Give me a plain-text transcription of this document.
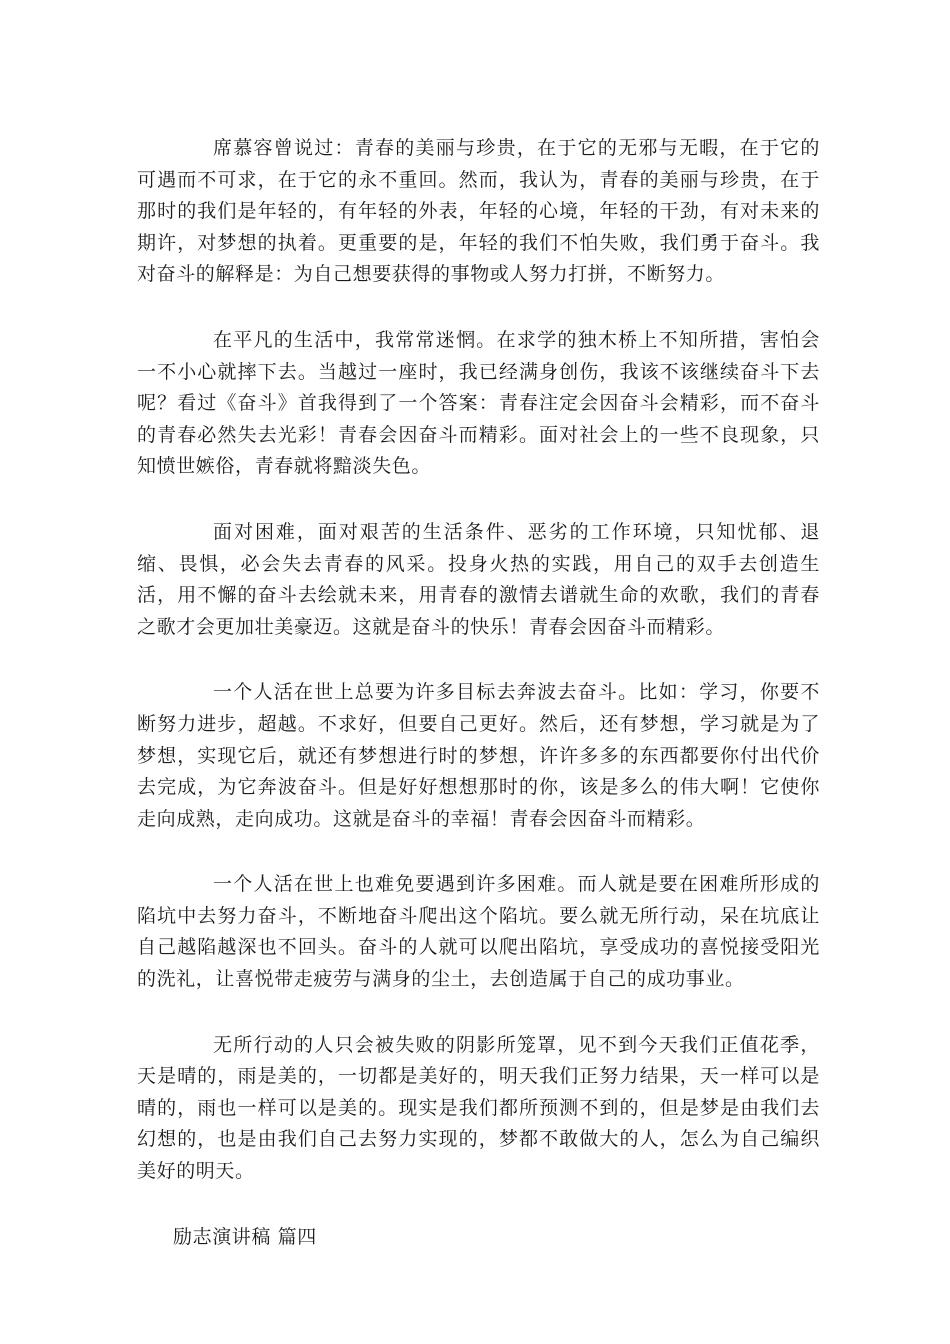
席慕容曾说过：青春的美丽与珍贵，在于它的无邪与无暇，在于它的可遇而不可求，在于它的永不重回。然而，我认为，青春的美丽与珍贵，在于那时的我们是年轻的，有年轻的外表，年轻的心境，年轻的干劲，有对未来的期许，对梦想的执着。更重要的是，年轻的我们不怕失败，我们勇于奋斗。我对奋斗的解释是：为自己想要获得的事物或人努力打拼，不断努力。

在平凡的生活中，我常常迷惘。在求学的独木桥上不知所措，害怕会一不小心就摔下去。当越过一座时，我已经满身创伤，我该不该继续奋斗下去呢？看过《奋斗》首我得到了一个答案：青春注定会因奋斗会精彩，而不奋斗的青春必然失去光彩！青春会因奋斗而精彩。面对社会上的一些不良现象，只知愤世嫉俗，青春就将黯淡失色。

面对困难，面对艰苦的生活条件、恶劣的工作环境，只知忧郁、退缩、畏惧，必会失去青春的风采。投身火热的实践，用自己的双手去创造生活，用不懈的奋斗去绘就未来，用青春的激情去谱就生命的欢歌，我们的青春之歌才会更加壮美豪迈。这就是奋斗的快乐！青春会因奋斗而精彩。

一个人活在世上总要为许多目标去奔波去奋斗。比如：学习，你要不断努力进步，超越。不求好，但要自己更好。然后，还有梦想，学习就是为了梦想，实现它后，就还有梦想进行时的梦想，许许多多的东西都要你付出代价去完成，为它奔波奋斗。但是好好想想那时的你，该是多么的伟大啊！它使你走向成熟，走向成功。这就是奋斗的幸福！青春会因奋斗而精彩。

一个人活在世上也难免要遇到许多困难。而人就是要在困难所形成的陷坑中去努力奋斗，不断地奋斗爬出这个陷坑。要么就无所行动，呆在坑底让自己越陷越深也不回头。奋斗的人就可以爬出陷坑，享受成功的喜悦接受阳光的洗礼，让喜悦带走疲劳与满身的尘土，去创造属于自己的成功事业。

无所行动的人只会被失败的阴影所笼罩，见不到今天我们正值花季，天是晴的，雨是美的，一切都是美好的，明天我们正努力结果，天一样可以是晴的，雨也一样可以是美的。现实是我们都所预测不到的，但是梦是由我们去幻想的，也是由我们自己去努力实现的，梦都不敢做大的人，怎么为自己编织美好的明天。

励志演讲稿 篇四
